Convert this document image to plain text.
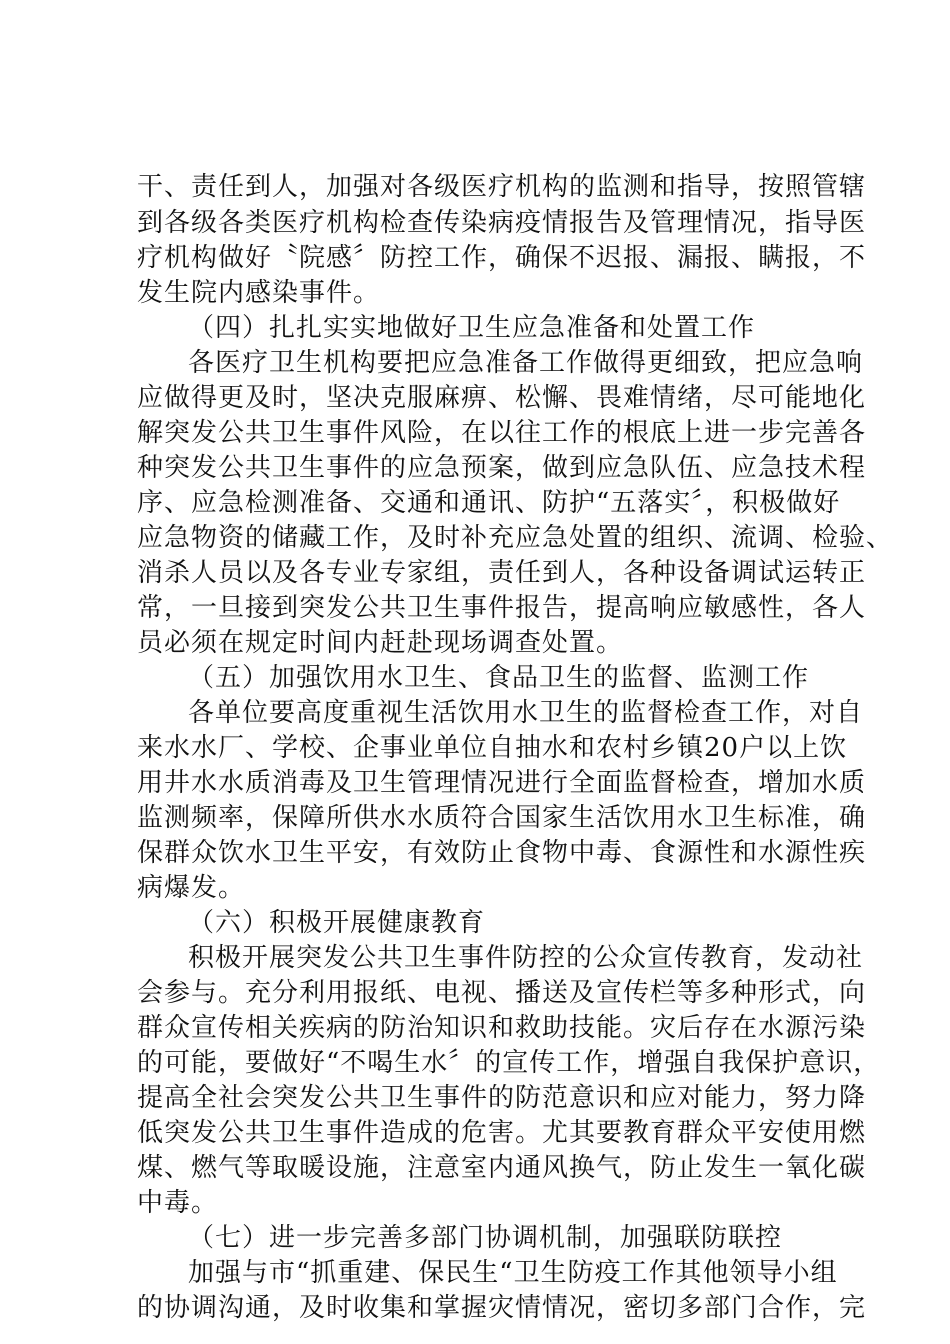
干、责任到人，加强对各级医疗机构的监测和指导，按照管辖
到各级各类医疗机构检查传染病疫情报告及管理情况，指导医
疗机构做好〝院感〞防控工作，确保不迟报、漏报、瞒报，不
发生院内感染事件。
（四）扎扎实实地做好卫生应急准备和处置工作
各医疗卫生机构要把应急准备工作做得更细致，把应急响
应做得更及时，坚决克服麻痹、松懈、畏难情绪，尽可能地化
解突发公共卫生事件风险，在以往工作的根底上进一步完善各
种突发公共卫生事件的应急预案，做到应急队伍、应急技术程
序、应急检测准备、交通和通讯、防护“五落实〞，积极做好
应急物资的储藏工作，及时补充应急处置的组织、流调、检验、
消杀人员以及各专业专家组，责任到人，各种设备调试运转正
常，一旦接到突发公共卫生事件报告，提高响应敏感性，各人
员必须在规定时间内赶赴现场调查处置。
（五）加强饮用水卫生、食品卫生的监督、监测工作
各单位要高度重视生活饮用水卫生的监督检查工作，对自
来水水厂、学校、企事业单位自抽水和农村乡镇20户以上饮
用井水水质消毒及卫生管理情况进行全面监督检查，增加水质
监测频率，保障所供水水质符合国家生活饮用水卫生标准，确
保群众饮水卫生平安，有效防止食物中毒、食源性和水源性疾
病爆发。
（六）积极开展健康教育
积极开展突发公共卫生事件防控的公众宣传教育，发动社
会参与。充分利用报纸、电视、播送及宣传栏等多种形式，向
群众宣传相关疾病的防治知识和救助技能。灾后存在水源污染
的可能，要做好“不喝生水〞的宣传工作，增强自我保护意识，
提高全社会突发公共卫生事件的防范意识和应对能力，努力降
低突发公共卫生事件造成的危害。尤其要教育群众平安使用燃
煤、燃气等取暖设施，注意室内通风换气，防止发生一氧化碳
中毒。
（七）进一步完善多部门协调机制，加强联防联控
加强与市“抓重建、保民生“卫生防疫工作其他领导小组
的协调沟通，及时收集和掌握灾情情况，密切多部门合作，完
